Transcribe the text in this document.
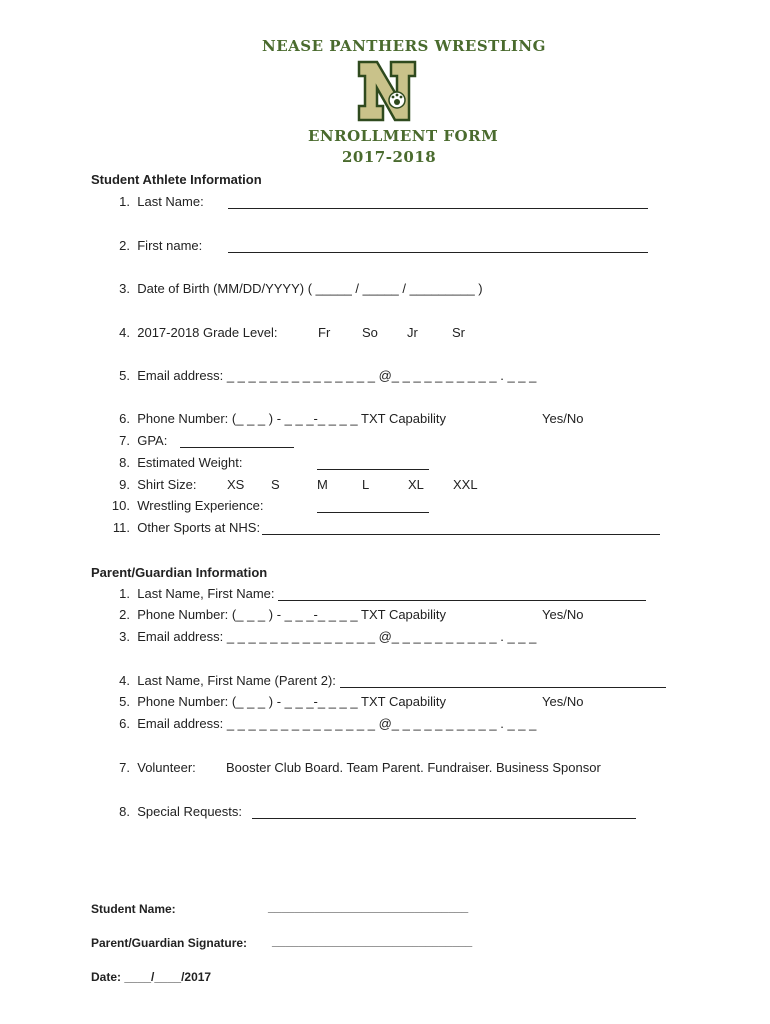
NEASE PANTHERS WRESTLING
ENROLLMENT FORM
2017-2018
Student Athlete Information
1. Last Name:
2. First name:
3. Date of Birth (MM/DD/YYYY) ( _____ / _____ / _________ )
4. 2017-2018 Grade Level:	Fr So Jr	Sr
5. Email address: _ _ _ _ _ _ _ _ _ _ _ _ _ _ @_ _ _ _ _ _ _ _ _ _ . _ _ _
6. Phone Number: (_ _ _ ) - _ _ _-_ _ _ _ TXT Capability	Yes/No
7. GPA:
8. Estimated Weight:
9. Shirt Size: XS S	M	L	XL XXL
10. Wrestling Experience:
11. Other Sports at NHS:
Parent/Guardian Information
1. Last Name, First Name:
2. Phone Number: (_ _ _ ) - _ _ _-_ _ _ _ TXT Capability	Yes/No
3. Email address: _ _ _ _ _ _ _ _ _ _ _ _ _ _ @_ _ _ _ _ _ _ _ _ _ . _ _ _
4. Last Name, First Name (Parent 2):
5. Phone Number: (_ _ _ ) - _ _ _-_ _ _ _ TXT Capability	Yes/No
6. Email address: _ _ _ _ _ _ _ _ _ _ _ _ _ _ @_ _ _ _ _ _ _ _ _ _ . _ _ _
7. Volunteer: Booster Club Board. Team Parent. Fundraiser. Business Sponsor
8. Special Requests:
Student Name:	______________________________
Parent/Guardian Signature: ______________________________
Date: ____/____/2017
